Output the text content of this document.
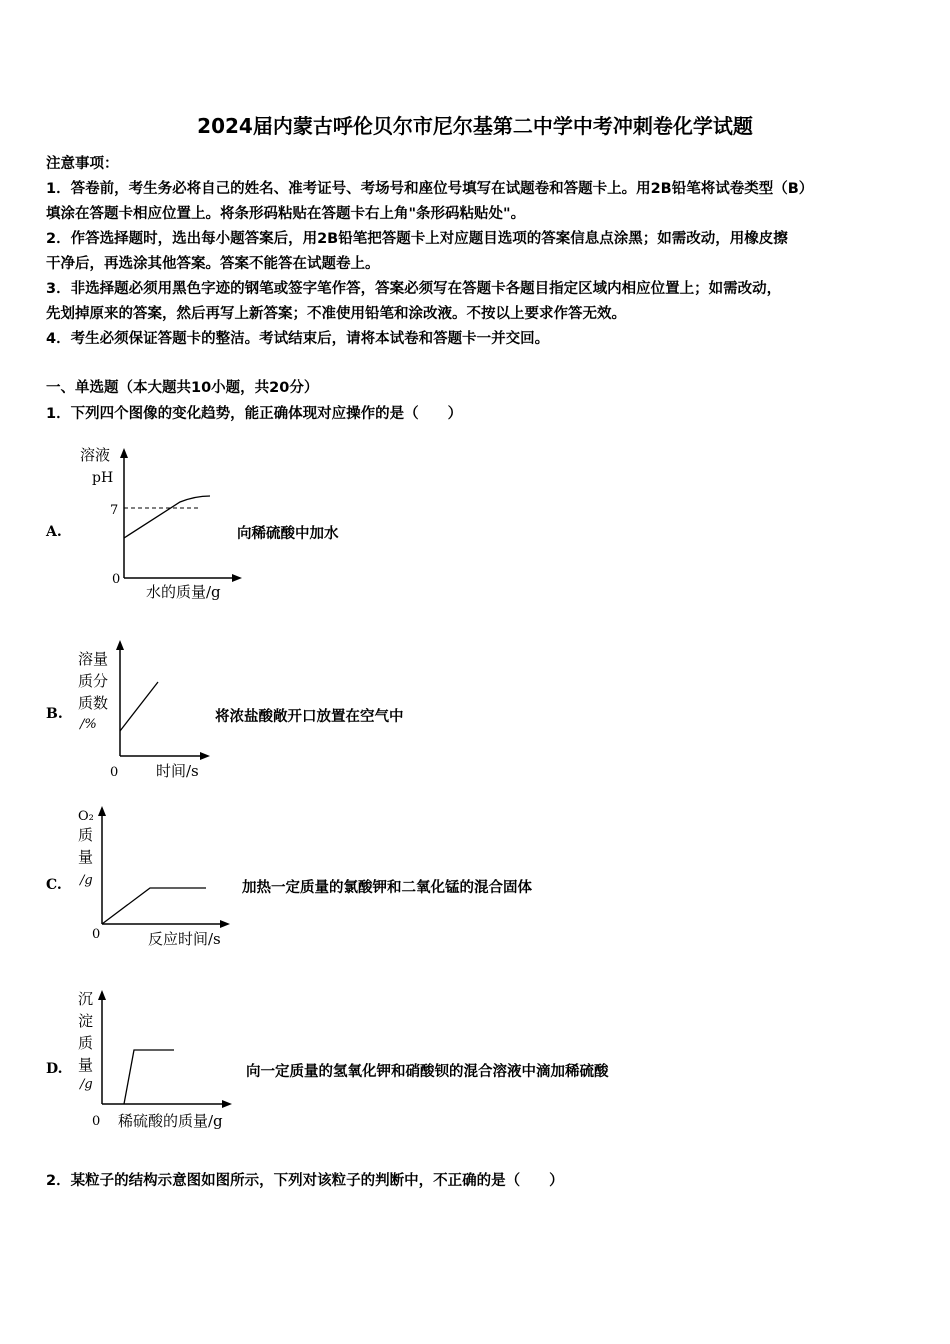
2024届内蒙古呼伦贝尔市尼尔基第二中学中考冲刺卷化学试题
注意事项：
1．答卷前，考生务必将自己的姓名、准考证号、考场号和座位号填写在试题卷和答题卡上。用2B铅笔将试卷类型（B）
填涂在答题卡相应位置上。将条形码粘贴在答题卡右上角"条形码粘贴处"。
2．作答选择题时，选出每小题答案后，用2B铅笔把答题卡上对应题目选项的答案信息点涂黑；如需改动，用橡皮擦
干净后，再选涂其他答案。答案不能答在试题卷上。
3．非选择题必须用黑色字迹的钢笔或签字笔作答，答案必须写在答题卡各题目指定区域内相应位置上；如需改动，
先划掉原来的答案，然后再写上新答案；不准使用铅笔和涂改液。不按以上要求作答无效。
4．考生必须保证答题卡的整洁。考试结束后，请将本试卷和答题卡一并交回。
一、单选题（本大题共10小题，共20分）
1．下列四个图像的变化趋势，能正确体现对应操作的是（　　）
A.
溶液
pH
7
0
水的质量/g
向稀硫酸中加水
B.
溶量
质分
质数
/%
0	时间/s
将浓盐酸敞开口放置在空气中
C.
O₂
质
量
/g
0	反应时间/s
加热一定质量的氯酸钾和二氧化锰的混合固体
D.
沉
淀
质
量
/g
0 稀硫酸的质量/g
向一定质量的氢氧化钾和硝酸钡的混合溶液中滴加稀硫酸
2．某粒子的结构示意图如图所示，下列对该粒子的判断中，不正确的是（　　）
